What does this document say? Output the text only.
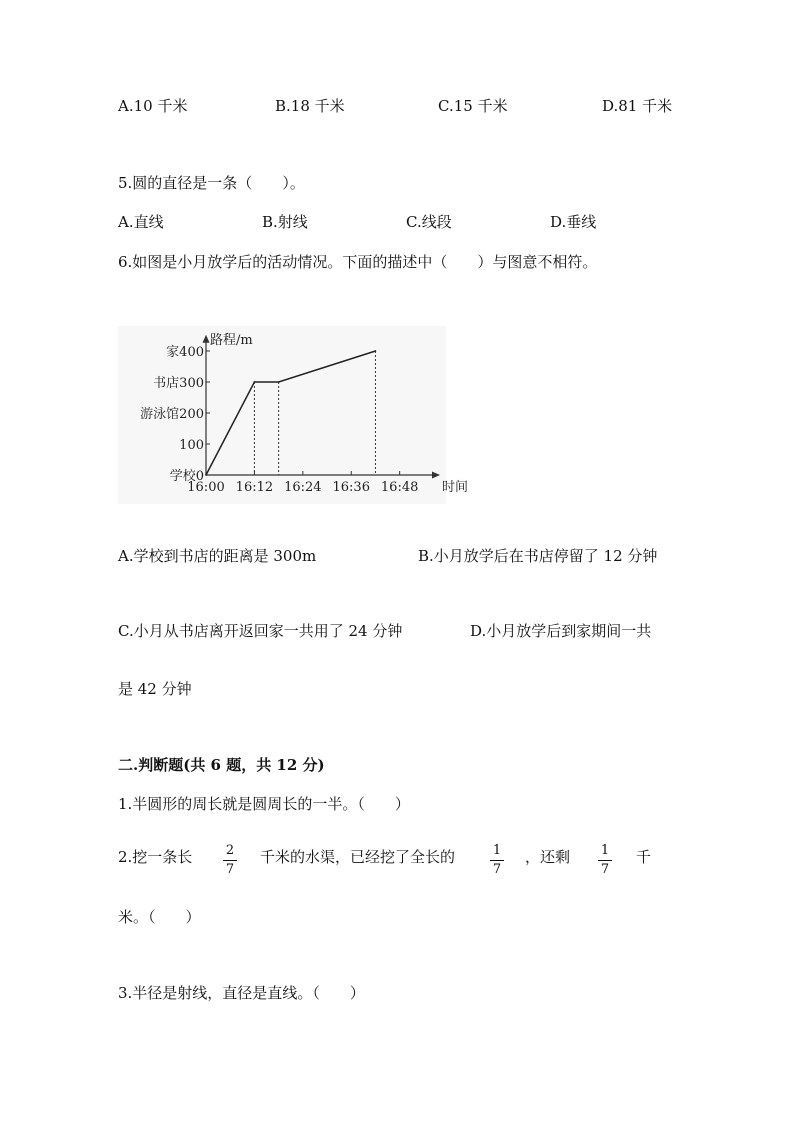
A.10 千米	B.18 千米	C.15 千米	D.81 千米
5.圆的直径是一条（　　）。
A.直线	B.射线	C.线段	D.垂线
6.如图是小月放学后的活动情况。下面的描述中（　　）与图意不相符。
路程/m
时间
学校0
100
游泳馆200
书店300
家400
16:00 16:12 16:24 16:36 16:48
A.学校到书店的距离是 300m	B.小月放学后在书店停留了 12 分钟
C.小月从书店离开返回家一共用了 24 分钟	D.小月放学后到家期间一共
是 42 分钟
二.判断题(共 6 题，共 12 分)
1.半圆形的周长就是圆周长的一半。（　　）
2.挖一条长	2
7
千米的水渠，已经挖了全长的	1
7
，还剩 1
7
千
米。（　　）
3.半径是射线，直径是直线。（　　）
